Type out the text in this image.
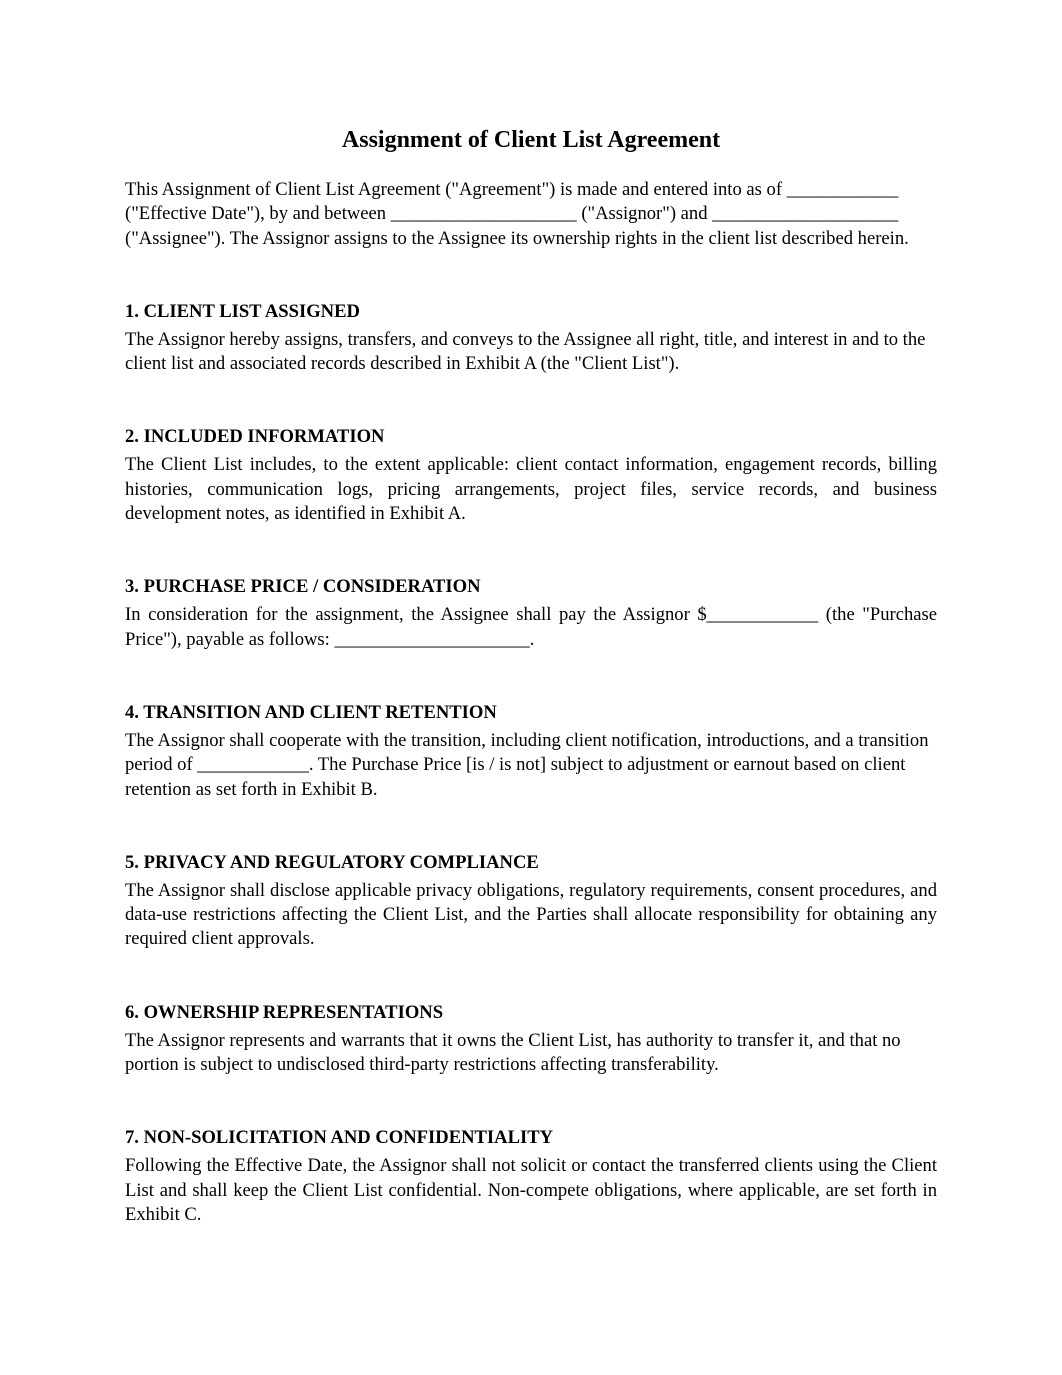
Assignment of Client List Agreement

This Assignment of Client List Agreement ("Agreement") is made and entered into as of ____________ ("Effective Date"), by and between ____________________ ("Assignor") and ____________________ ("Assignee"). The Assignor assigns to the Assignee its ownership rights in the client list described herein.

1. CLIENT LIST ASSIGNED

The Assignor hereby assigns, transfers, and conveys to the Assignee all right, title, and interest in and to the client list and associated records described in Exhibit A (the "Client List").

2. INCLUDED INFORMATION

The Client List includes, to the extent applicable: client contact information, engagement records, billing histories, communication logs, pricing arrangements, project files, service records, and business development notes, as identified in Exhibit A.

3. PURCHASE PRICE / CONSIDERATION

In consideration for the assignment, the Assignee shall pay the Assignor $____________ (the "Purchase Price"), payable as follows: _____________________.

4. TRANSITION AND CLIENT RETENTION

The Assignor shall cooperate with the transition, including client notification, introductions, and a transition period of ____________. The Purchase Price [is / is not] subject to adjustment or earnout based on client retention as set forth in Exhibit B.

5. PRIVACY AND REGULATORY COMPLIANCE

The Assignor shall disclose applicable privacy obligations, regulatory requirements, consent procedures, and data-use restrictions affecting the Client List, and the Parties shall allocate responsibility for obtaining any required client approvals.

6. OWNERSHIP REPRESENTATIONS

The Assignor represents and warrants that it owns the Client List, has authority to transfer it, and that no portion is subject to undisclosed third-party restrictions affecting transferability.

7. NON-SOLICITATION AND CONFIDENTIALITY

Following the Effective Date, the Assignor shall not solicit or contact the transferred clients using the Client List and shall keep the Client List confidential. Non-compete obligations, where applicable, are set forth in Exhibit C.
